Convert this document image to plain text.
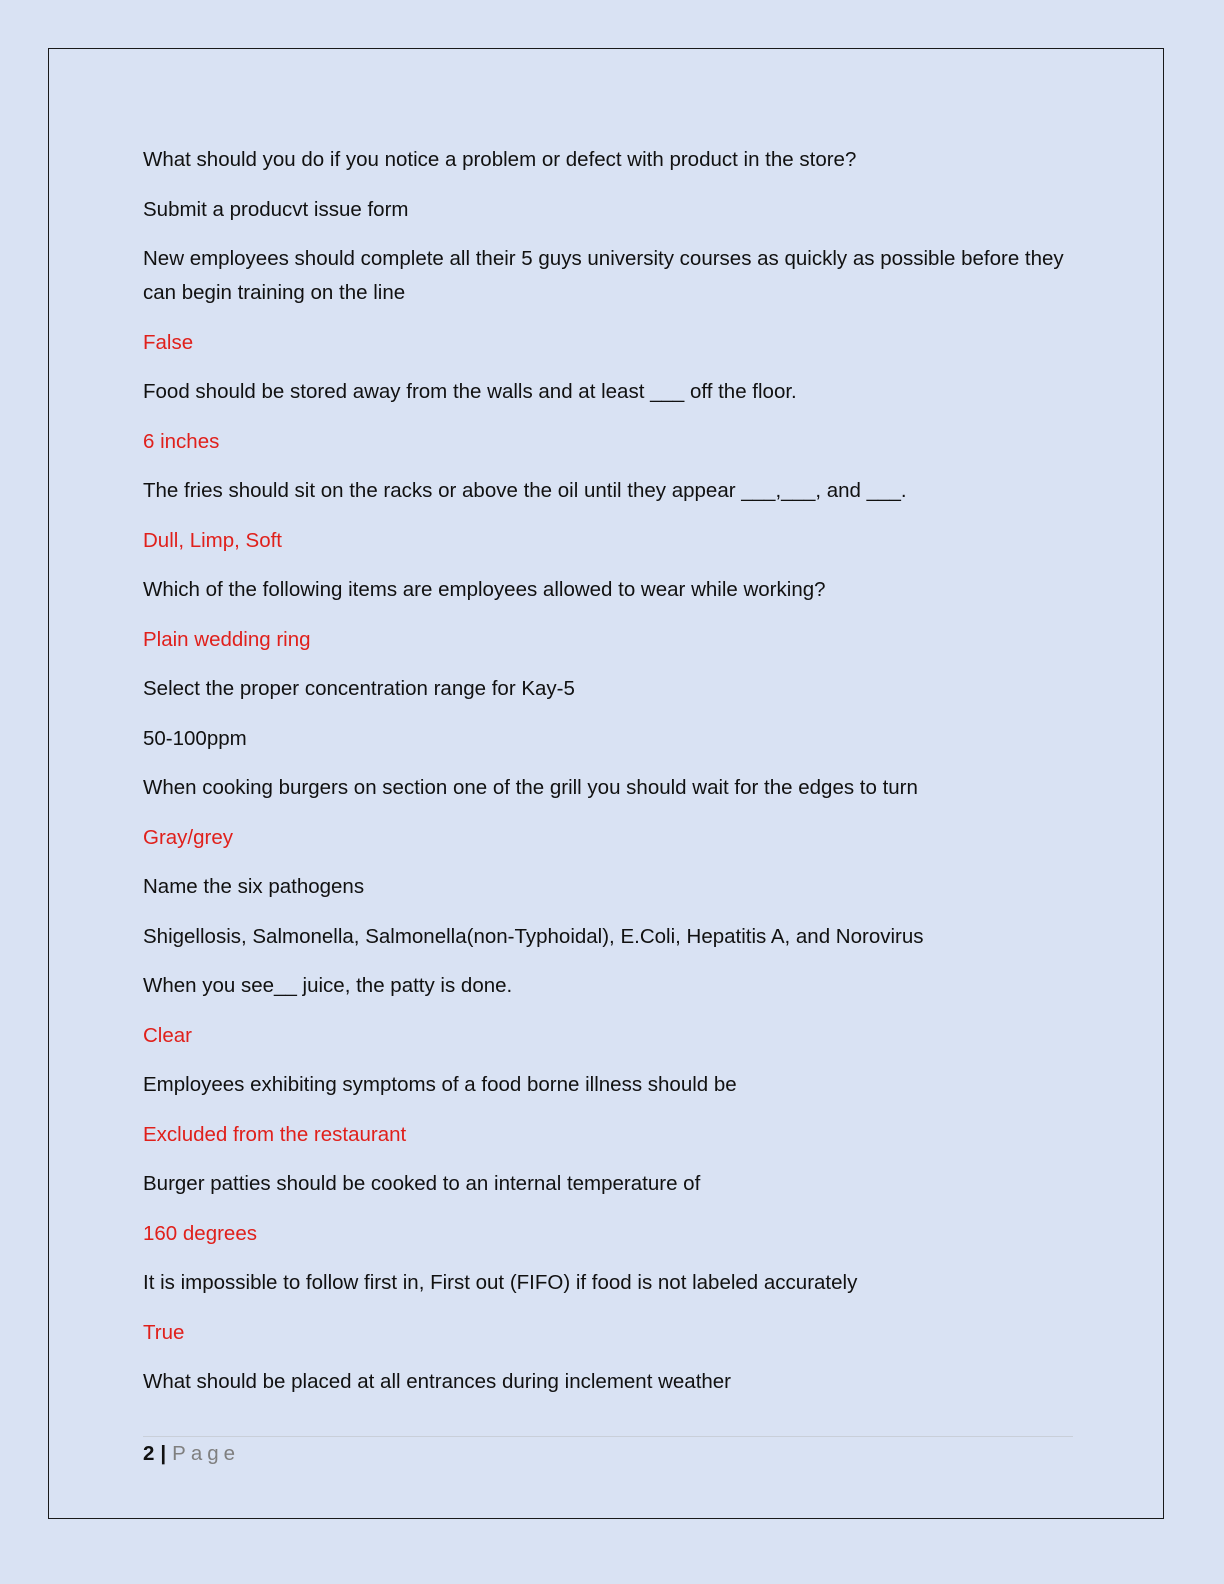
What should you do if you notice a problem or defect with product in the store?

Submit a producvt issue form

New employees should complete all their 5 guys university courses as quickly as possible before they can begin training on the line

False

Food should be stored away from the walls and at least ___ off the floor.

6 inches

The fries should sit on the racks or above the oil until they appear ___,___, and ___.

Dull, Limp, Soft

Which of the following items are employees allowed to wear while working?

Plain wedding ring

Select the proper concentration range for Kay-5

50-100ppm

When cooking burgers on section one of the grill you should wait for the edges to turn

Gray/grey

Name the six pathogens

Shigellosis, Salmonella, Salmonella(non-Typhoidal), E.Coli, Hepatitis A, and Norovirus

When you see__ juice, the patty is done.

Clear

Employees exhibiting symptoms of a food borne illness should be

Excluded from the restaurant

Burger patties should be cooked to an internal temperature of

160 degrees

It is impossible to follow first in, First out (FIFO) if food is not labeled accurately

True

What should be placed at all entrances during inclement weather

2 | Page
